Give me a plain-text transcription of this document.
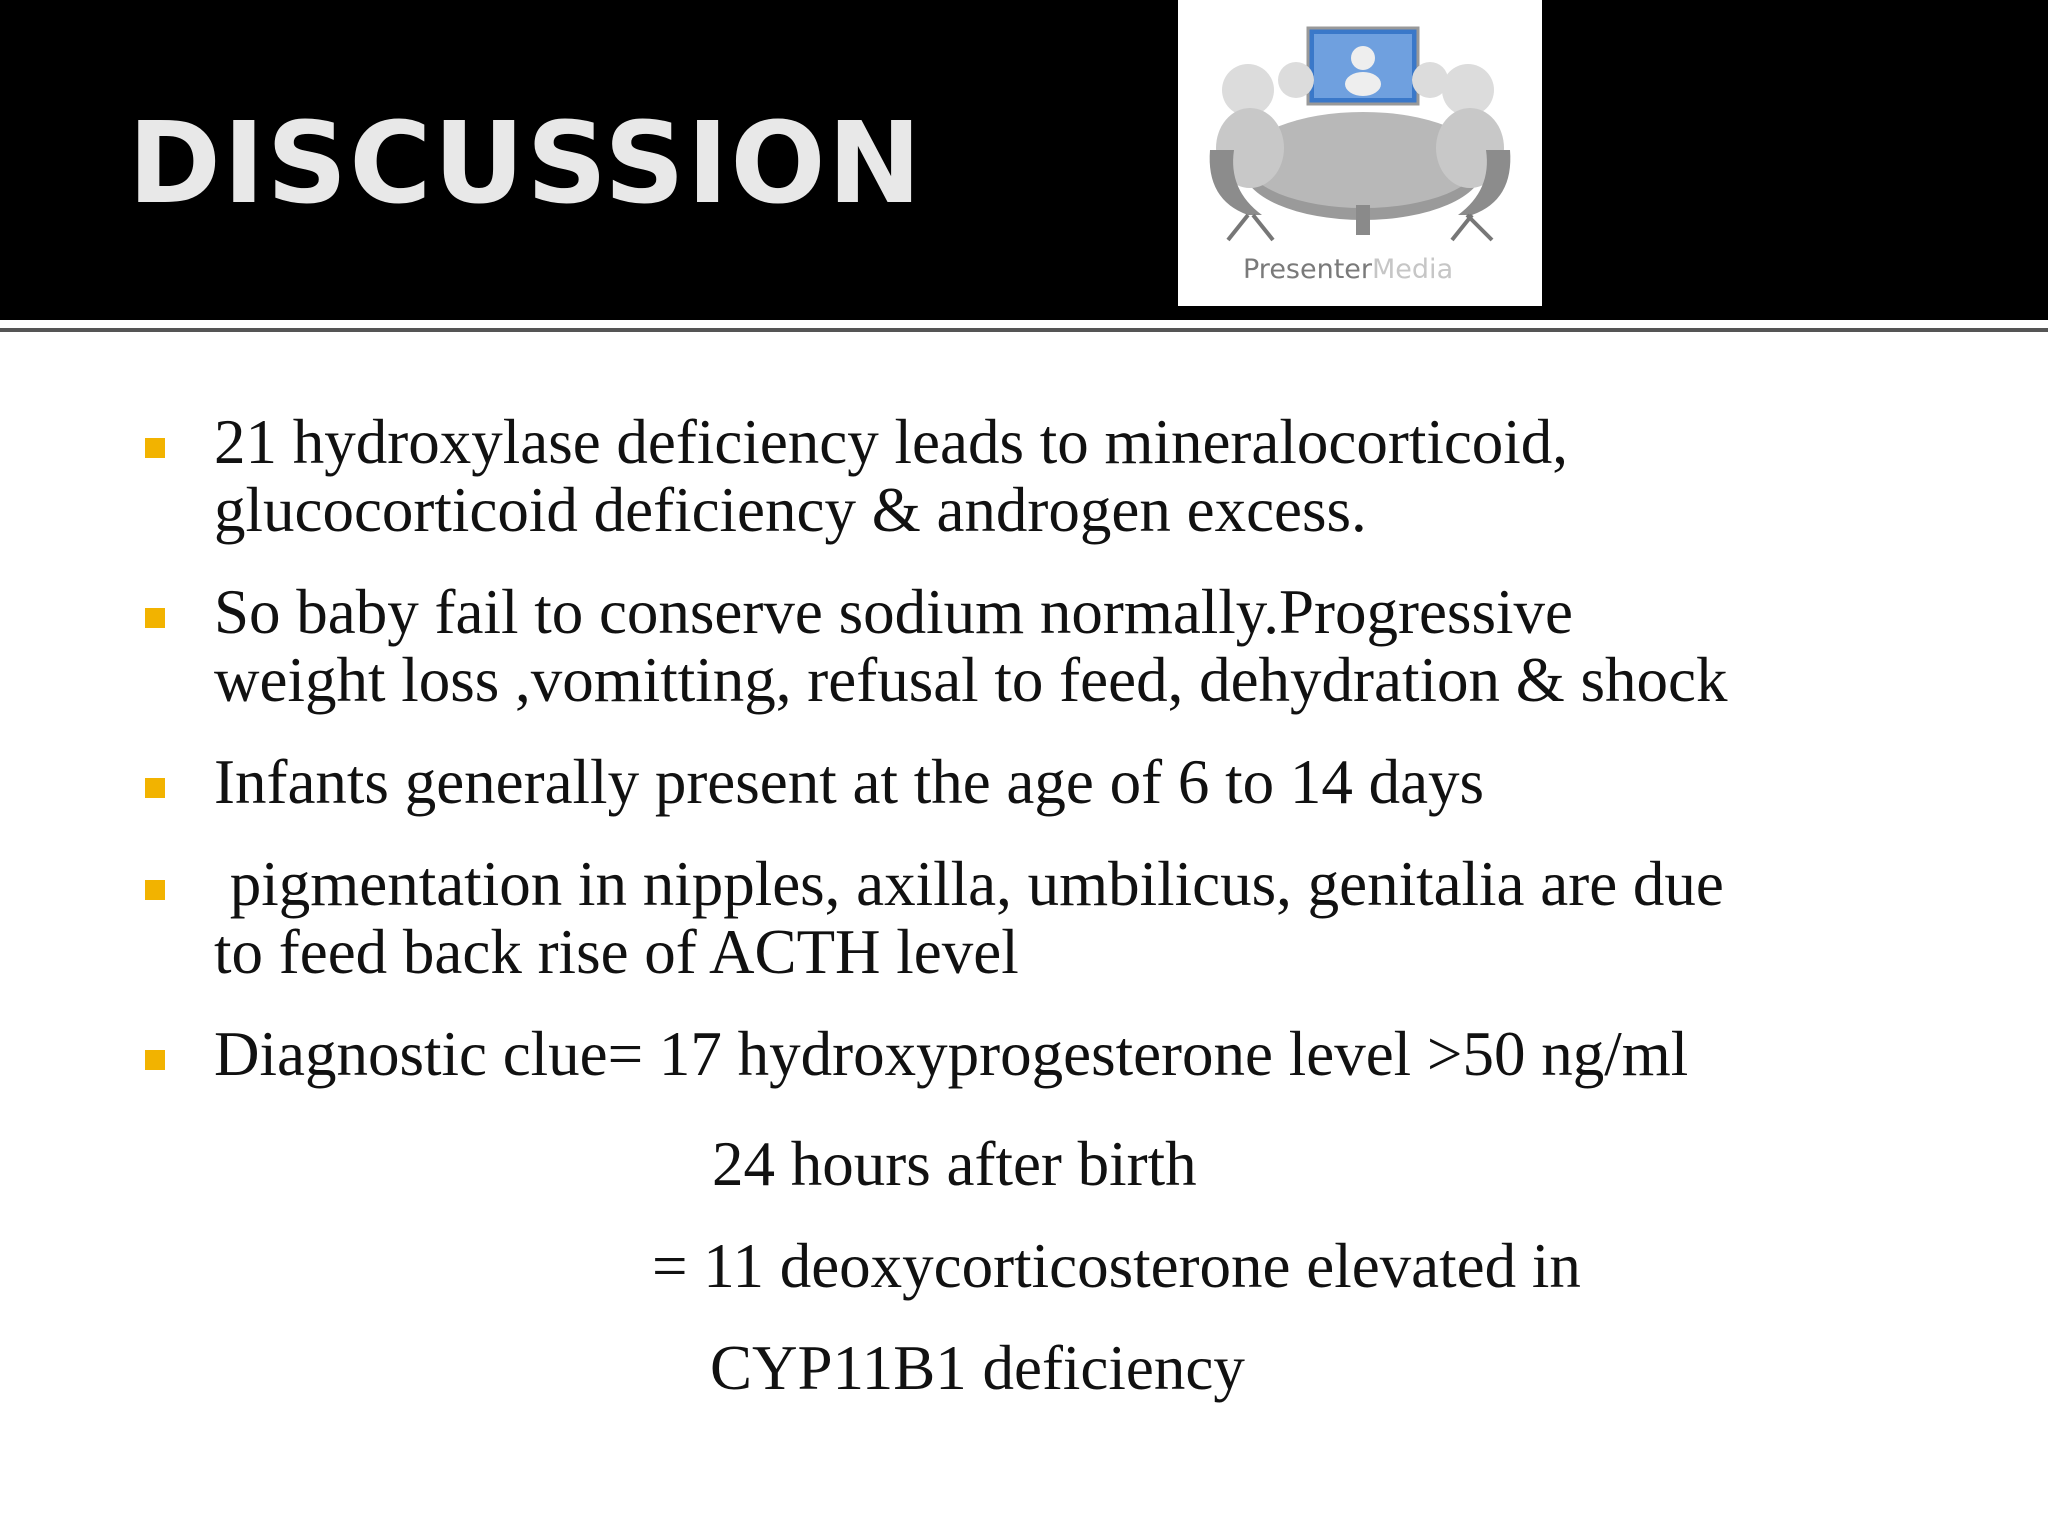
DISCUSSION
PresenterMedia
21 hydroxylase deficiency leads to mineralocorticoid,
glucocorticoid deficiency & androgen excess.
So baby fail to conserve sodium normally.Progressive
weight loss ,vomitting, refusal to feed, dehydration & shock
Infants generally present at the age of 6 to 14 days
pigmentation in nipples, axilla, umbilicus, genitalia are due
to feed back rise of ACTH level
Diagnostic clue= 17 hydroxyprogesterone level >50 ng/ml
24 hours after birth
= 11 deoxycorticosterone elevated in
CYP11B1 deficiency
